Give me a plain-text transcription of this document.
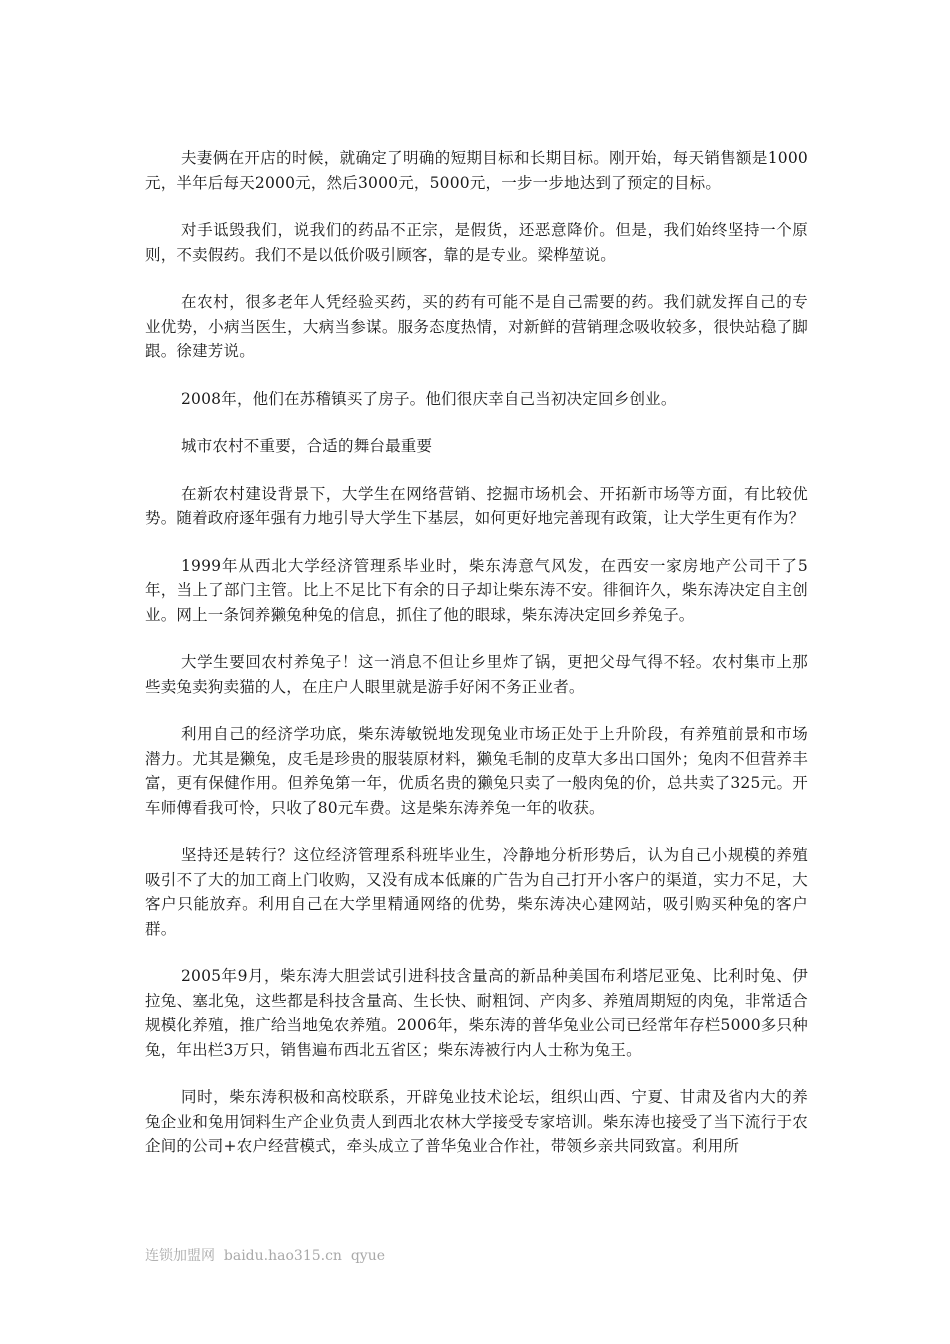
夫妻俩在开店的时候，就确定了明确的短期目标和长期目标。刚开始，每天销售额是1000元，半年后每天2000元，然后3000元，5000元，一步一步地达到了预定的目标。

对手诋毁我们，说我们的药品不正宗，是假货，还恶意降价。但是，我们始终坚持一个原则，不卖假药。我们不是以低价吸引顾客，靠的是专业。梁桦堃说。

在农村，很多老年人凭经验买药，买的药有可能不是自己需要的药。我们就发挥自己的专业优势，小病当医生，大病当参谋。服务态度热情，对新鲜的营销理念吸收较多，很快站稳了脚跟。徐建芳说。

2008年，他们在苏稽镇买了房子。他们很庆幸自己当初决定回乡创业。

城市农村不重要，合适的舞台最重要

在新农村建设背景下，大学生在网络营销、挖掘市场机会、开拓新市场等方面，有比较优势。随着政府逐年强有力地引导大学生下基层，如何更好地完善现有政策，让大学生更有作为？

1999年从西北大学经济管理系毕业时，柴东涛意气风发，在西安一家房地产公司干了5年，当上了部门主管。比上不足比下有余的日子却让柴东涛不安。徘徊许久，柴东涛决定自主创业。网上一条饲养獭兔种兔的信息，抓住了他的眼球，柴东涛决定回乡养兔子。

大学生要回农村养兔子！这一消息不但让乡里炸了锅，更把父母气得不轻。农村集市上那些卖兔卖狗卖猫的人，在庄户人眼里就是游手好闲不务正业者。

利用自己的经济学功底，柴东涛敏锐地发现兔业市场正处于上升阶段，有养殖前景和市场潜力。尤其是獭兔，皮毛是珍贵的服装原材料，獭兔毛制的皮草大多出口国外；兔肉不但营养丰富，更有保健作用。但养兔第一年，优质名贵的獭兔只卖了一般肉兔的价，总共卖了325元。开车师傅看我可怜，只收了80元车费。这是柴东涛养兔一年的收获。

坚持还是转行？这位经济管理系科班毕业生，冷静地分析形势后，认为自己小规模的养殖吸引不了大的加工商上门收购，又没有成本低廉的广告为自己打开小客户的渠道，实力不足，大客户只能放弃。利用自己在大学里精通网络的优势，柴东涛决心建网站，吸引购买种兔的客户群。

2005年9月，柴东涛大胆尝试引进科技含量高的新品种美国布利塔尼亚兔、比利时兔、伊拉兔、塞北兔，这些都是科技含量高、生长快、耐粗饲、产肉多、养殖周期短的肉兔，非常适合规模化养殖，推广给当地兔农养殖。2006年，柴东涛的普华兔业公司已经常年存栏5000多只种兔，年出栏3万只，销售遍布西北五省区；柴东涛被行内人士称为兔王。

同时，柴东涛积极和高校联系，开辟兔业技术论坛，组织山西、宁夏、甘肃及省内大的养兔企业和兔用饲料生产企业负责人到西北农林大学接受专家培训。柴东涛也接受了当下流行于农企间的公司+农户经营模式，牵头成立了普华兔业合作社，带领乡亲共同致富。利用所

连锁加盟网  baidu.hao315.cn  qyue
